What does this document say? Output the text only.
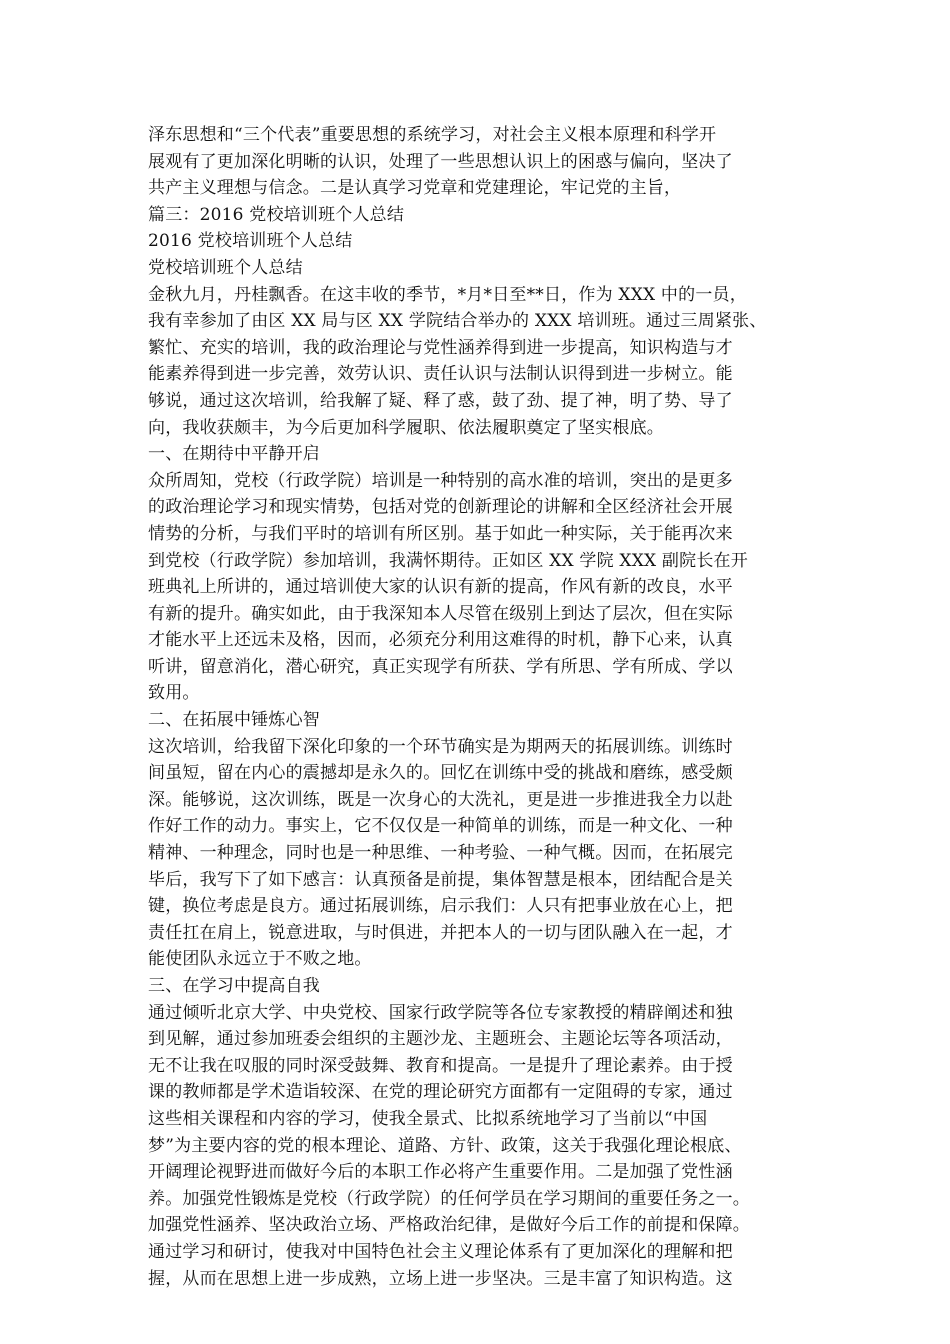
泽东思想和“三个代表”重要思想的系统学习，对社会主义根本原理和科学开
展观有了更加深化明晰的认识，处理了一些思想认识上的困惑与偏向，坚决了
共产主义理想与信念。二是认真学习党章和党建理论，牢记党的主旨，
篇三：2016 党校培训班个人总结
2016 党校培训班个人总结
党校培训班个人总结
金秋九月，丹桂飘香。在这丰收的季节，*月*日至**日，作为 XXX 中的一员，
我有幸参加了由区 XX 局与区 XX 学院结合举办的 XXX 培训班。通过三周紧张、
繁忙、充实的培训，我的政治理论与党性涵养得到进一步提高，知识构造与才
能素养得到进一步完善，效劳认识、责任认识与法制认识得到进一步树立。能
够说，通过这次培训，给我解了疑、释了惑，鼓了劲、提了神，明了势、导了
向，我收获颇丰，为今后更加科学履职、依法履职奠定了坚实根底。
一、在期待中平静开启
众所周知，党校（行政学院）培训是一种特别的高水准的培训，突出的是更多
的政治理论学习和现实情势，包括对党的创新理论的讲解和全区经济社会开展
情势的分析，与我们平时的培训有所区别。基于如此一种实际，关于能再次来
到党校（行政学院）参加培训，我满怀期待。正如区 XX 学院 XXX 副院长在开
班典礼上所讲的，通过培训使大家的认识有新的提高，作风有新的改良，水平
有新的提升。确实如此，由于我深知本人尽管在级别上到达了层次，但在实际
才能水平上还远未及格，因而，必须充分利用这难得的时机，静下心来，认真
听讲，留意消化，潜心研究，真正实现学有所获、学有所思、学有所成、学以
致用。
二、在拓展中锤炼心智
这次培训，给我留下深化印象的一个环节确实是为期两天的拓展训练。训练时
间虽短，留在内心的震撼却是永久的。回忆在训练中受的挑战和磨练，感受颇
深。能够说，这次训练，既是一次身心的大洗礼，更是进一步推进我全力以赴
作好工作的动力。事实上，它不仅仅是一种简单的训练，而是一种文化、一种
精神、一种理念，同时也是一种思维、一种考验、一种气概。因而，在拓展完
毕后，我写下了如下感言：认真预备是前提，集体智慧是根本，团结配合是关
键，换位考虑是良方。通过拓展训练，启示我们：人只有把事业放在心上，把
责任扛在肩上，锐意进取，与时俱进，并把本人的一切与团队融入在一起，才
能使团队永远立于不败之地。
三、在学习中提高自我
通过倾听北京大学、中央党校、国家行政学院等各位专家教授的精辟阐述和独
到见解，通过参加班委会组织的主题沙龙、主题班会、主题论坛等各项活动，
无不让我在叹服的同时深受鼓舞、教育和提高。一是提升了理论素养。由于授
课的教师都是学术造诣较深、在党的理论研究方面都有一定阻碍的专家，通过
这些相关课程和内容的学习，使我全景式、比拟系统地学习了当前以“中国
梦”为主要内容的党的根本理论、道路、方针、政策，这关于我强化理论根底、
开阔理论视野进而做好今后的本职工作必将产生重要作用。二是加强了党性涵
养。加强党性锻炼是党校（行政学院）的任何学员在学习期间的重要任务之一。
加强党性涵养、坚决政治立场、严格政治纪律，是做好今后工作的前提和保障。
通过学习和研讨，使我对中国特色社会主义理论体系有了更加深化的理解和把
握，从而在思想上进一步成熟，立场上进一步坚决。三是丰富了知识构造。这
